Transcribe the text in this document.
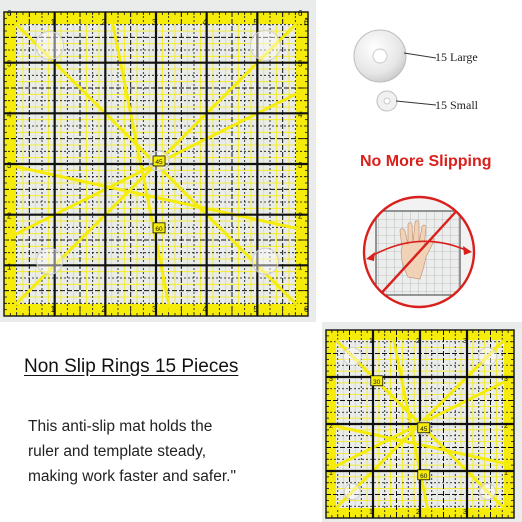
1
1
1	1
2
2
2	2
3
3
3	3
4
4
4	4
5
5
5	5
6
6
6	6
45
60
15 Large
15 Small
No More Slipping
Non Slip Rings 15 Pieces
This anti-slip mat holds the
ruler and template steady,
making work faster and safer."
1
1
1	1
2
2
2	2
3
3
3	3
30
45
60
